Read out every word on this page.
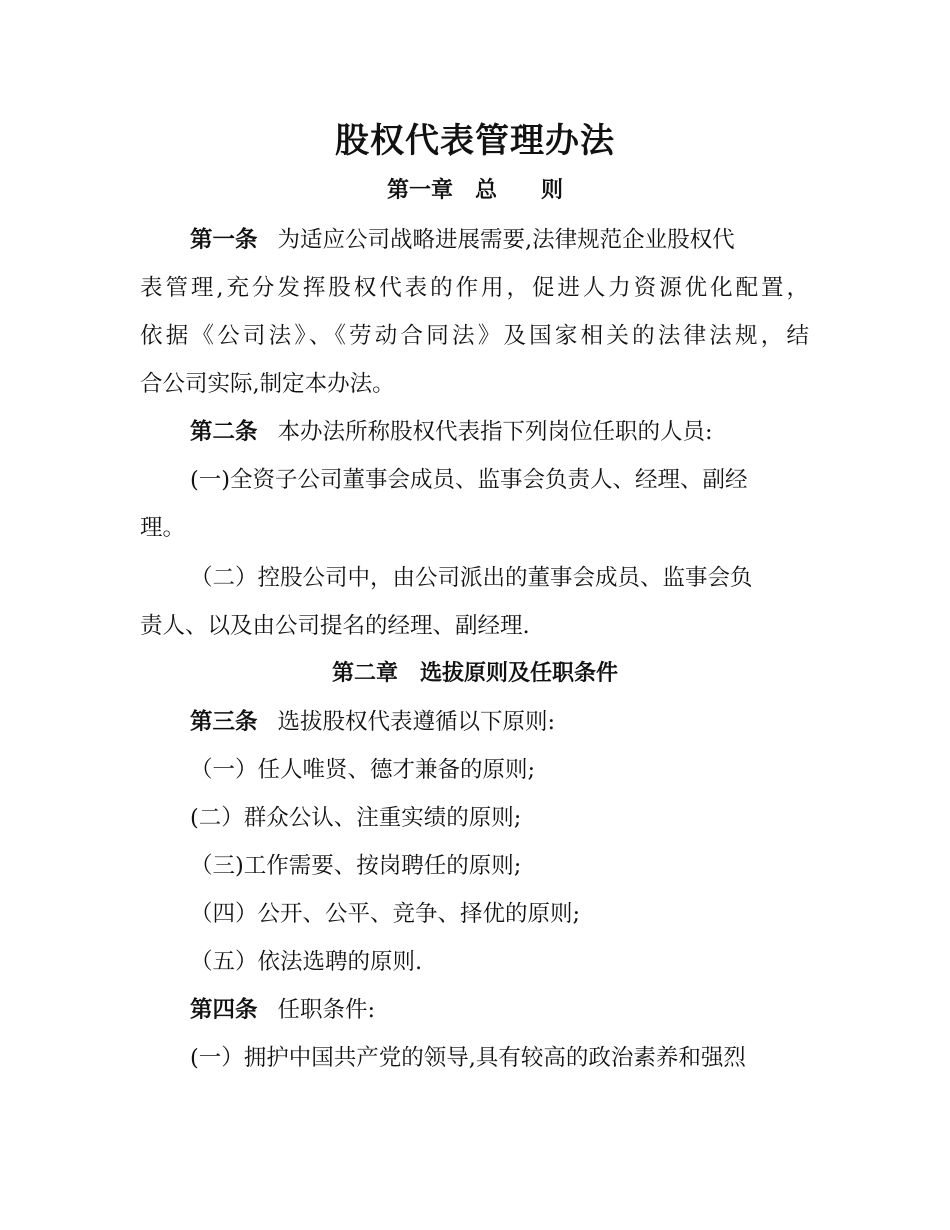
股权代表管理办法
第一章　总　　则
第一条 为适应公司战略进展需要,法律规范企业股权代
表管理,充分发挥股权代表的作用，促进人力资源优化配置，
依据《公司法》、《劳动合同法》及国家相关的法律法规，结
合公司实际,制定本办法。
第二条 本办法所称股权代表指下列岗位任职的人员:
(一)全资子公司董事会成员、监事会负责人、经理、副经
理。
（二）控股公司中，由公司派出的董事会成员、监事会负
责人、以及由公司提名的经理、副经理.
第二章　选拔原则及任职条件
第三条 选拔股权代表遵循以下原则:
（一）任人唯贤、德才兼备的原则;
(二）群众公认、注重实绩的原则;
（三)工作需要、按岗聘任的原则;
（四）公开、公平、竞争、择优的原则;
（五）依法选聘的原则.
第四条 任职条件:
(一）拥护中国共产党的领导,具有较高的政治素养和强烈
